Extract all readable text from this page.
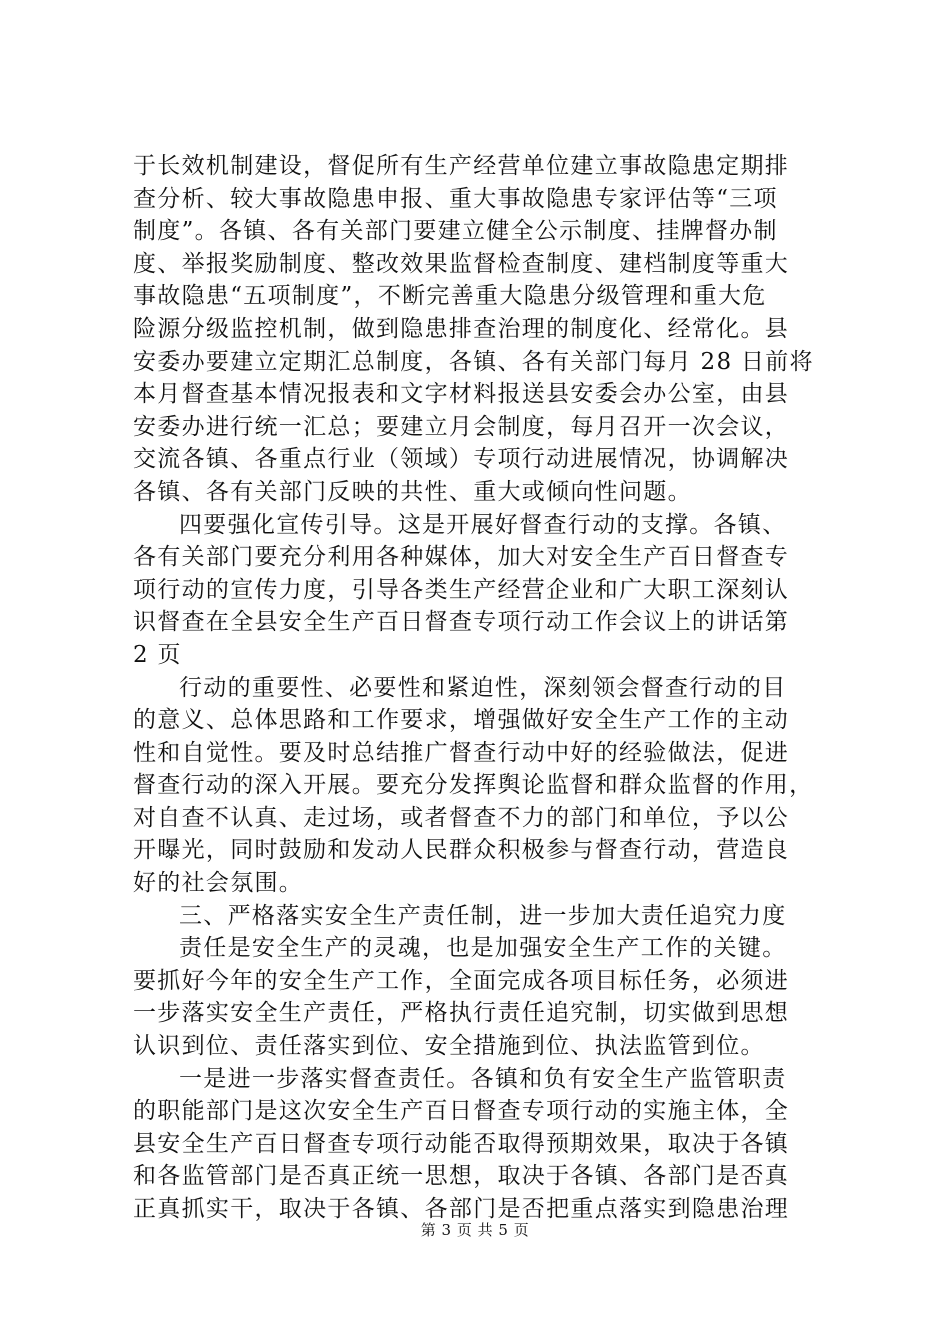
于长效机制建设，督促所有生产经营单位建立事故隐患定期排
查分析、较大事故隐患申报、重大事故隐患专家评估等“三项
制度”。各镇、各有关部门要建立健全公示制度、挂牌督办制
度、举报奖励制度、整改效果监督检查制度、建档制度等重大
事故隐患“五项制度”，不断完善重大隐患分级管理和重大危
险源分级监控机制，做到隐患排查治理的制度化、经常化。县
安委办要建立定期汇总制度，各镇、各有关部门每月 28 日前将
本月督查基本情况报表和文字材料报送县安委会办公室，由县
安委办进行统一汇总；要建立月会制度，每月召开一次会议，
交流各镇、各重点行业（领域）专项行动进展情况，协调解决
各镇、各有关部门反映的共性、重大或倾向性问题。
四要强化宣传引导。这是开展好督查行动的支撑。各镇、
各有关部门要充分利用各种媒体，加大对安全生产百日督查专
项行动的宣传力度，引导各类生产经营企业和广大职工深刻认
识督查在全县安全生产百日督查专项行动工作会议上的讲话第
2 页
行动的重要性、必要性和紧迫性，深刻领会督查行动的目
的意义、总体思路和工作要求，增强做好安全生产工作的主动
性和自觉性。要及时总结推广督查行动中好的经验做法，促进
督查行动的深入开展。要充分发挥舆论监督和群众监督的作用，
对自查不认真、走过场，或者督查不力的部门和单位，予以公
开曝光，同时鼓励和发动人民群众积极参与督查行动，营造良
好的社会氛围。
三、严格落实安全生产责任制，进一步加大责任追究力度
责任是安全生产的灵魂，也是加强安全生产工作的关键。
要抓好今年的安全生产工作，全面完成各项目标任务，必须进
一步落实安全生产责任，严格执行责任追究制，切实做到思想
认识到位、责任落实到位、安全措施到位、执法监管到位。
一是进一步落实督查责任。各镇和负有安全生产监管职责
的职能部门是这次安全生产百日督查专项行动的实施主体，全
县安全生产百日督查专项行动能否取得预期效果，取决于各镇
和各监管部门是否真正统一思想，取决于各镇、各部门是否真
正真抓实干，取决于各镇、各部门是否把重点落实到隐患治理
第 3 页 共 5 页
